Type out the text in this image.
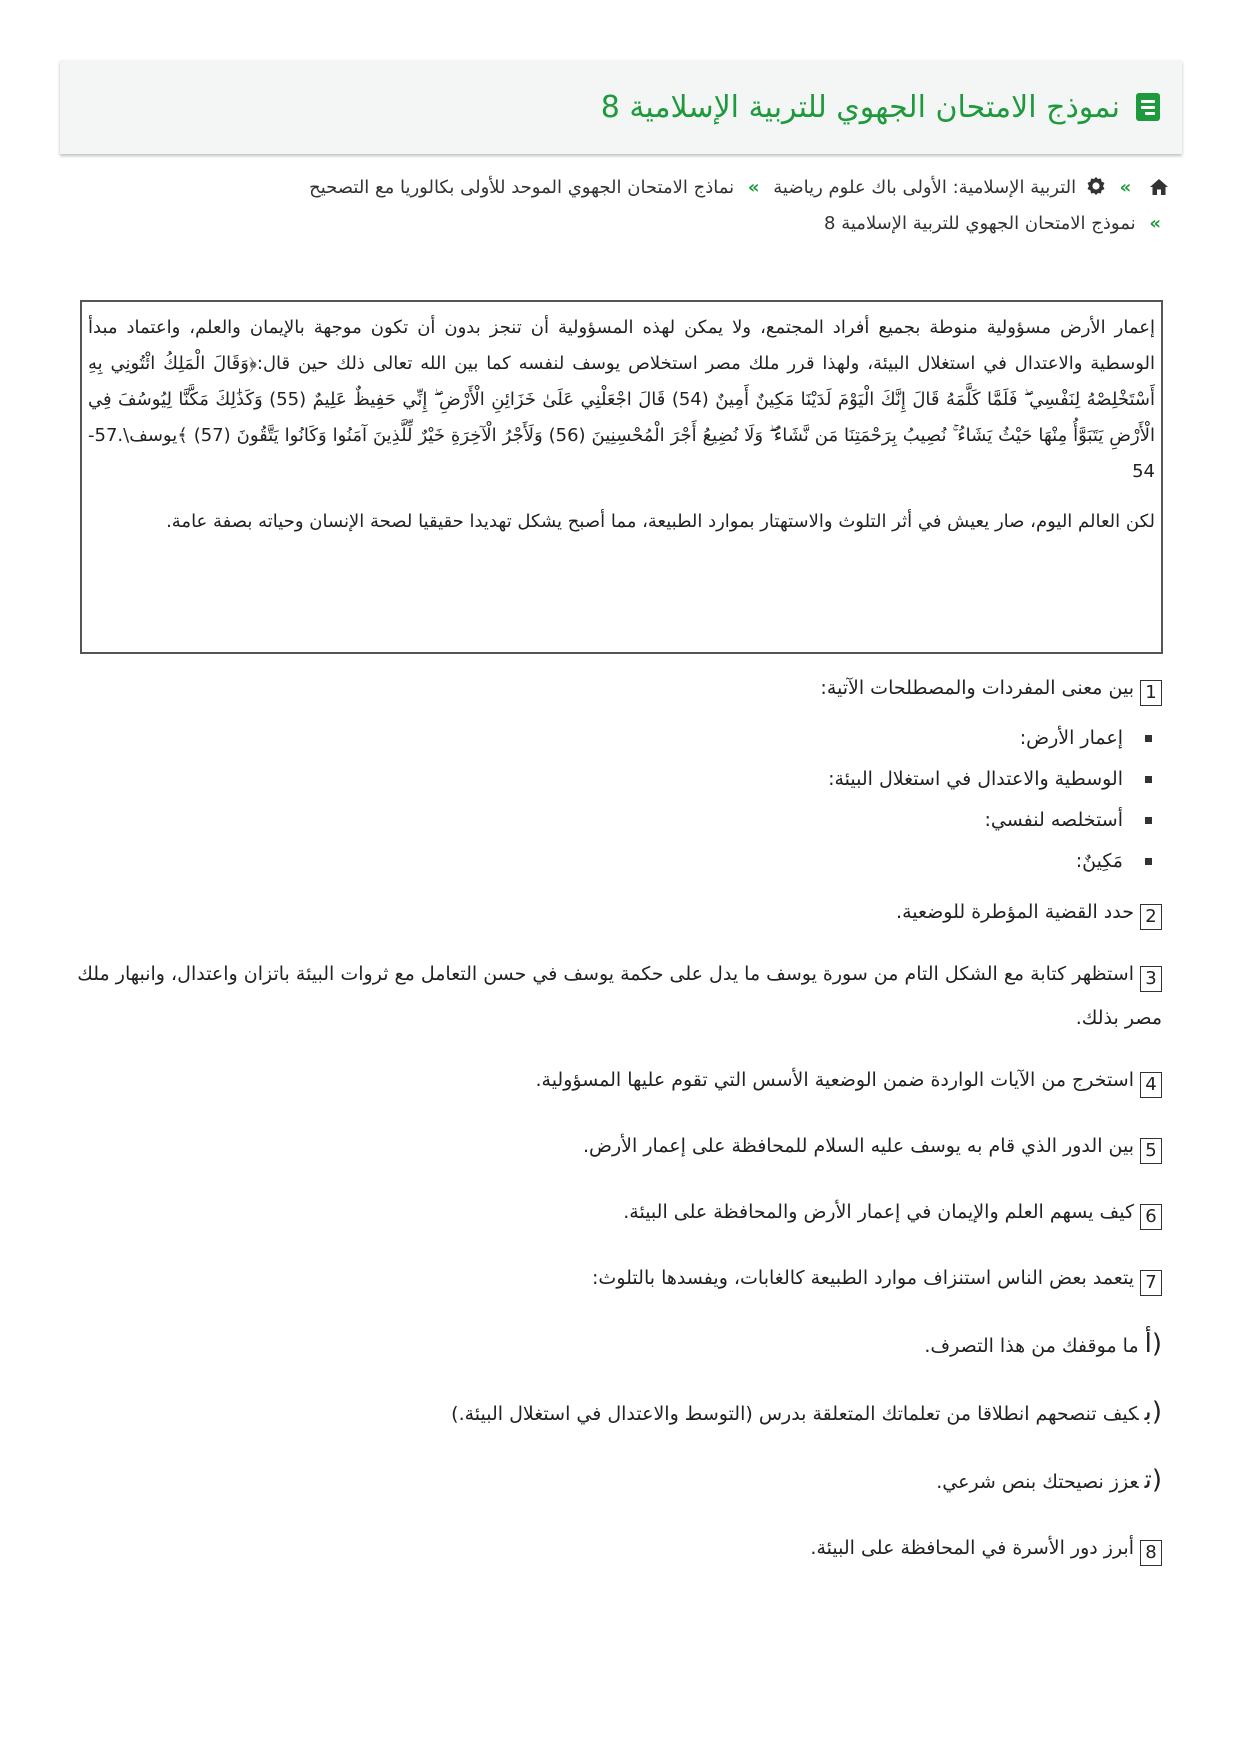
نموذج الامتحان الجهوي للتربية الإسلامية 8
»  التربية الإسلامية: الأولى باك علوم رياضية » نماذج الامتحان الجهوي الموحد للأولى بكالوريا مع التصحيح
» نموذج الامتحان الجهوي للتربية الإسلامية 8

إعمار الأرض مسؤولية منوطة بجميع أفراد المجتمع، ولا يمكن لهذه المسؤولية أن تنجز بدون أن تكون موجهة بالإيمان والعلم، واعتماد مبدأ الوسطية والاعتدال في استغلال البيئة، ولهذا قرر ملك مصر استخلاص يوسف لنفسه كما بين الله تعالى ذلك حين قال:﴿وَقَالَ الْمَلِكُ ائْتُونِي بِهِ أَسْتَخْلِصْهُ لِنَفْسِي ۖ فَلَمَّا كَلَّمَهُ قَالَ إِنَّكَ الْيَوْمَ لَدَيْنَا مَكِينٌ أَمِينٌ (54) قَالَ اجْعَلْنِي عَلَىٰ خَزَائِنِ الْأَرْضِ ۖ إِنِّي حَفِيظٌ عَلِيمٌ (55) وَكَذَٰلِكَ مَكَّنَّا لِيُوسُفَ فِي الْأَرْضِ يَتَبَوَّأُ مِنْهَا حَيْثُ يَشَاءُ ۚ نُصِيبُ بِرَحْمَتِنَا مَن نَّشَاءُ ۖ وَلَا نُضِيعُ أَجْرَ الْمُحْسِنِينَ (56) وَلَأَجْرُ الْآخِرَةِ خَيْرٌ لِّلَّذِينَ آمَنُوا وَكَانُوا يَتَّقُونَ (57) ﴾يوسف\.57-54

لكن العالم اليوم، صار يعيش في أثر التلوث والاستهتار بموارد الطبيعة، مما أصبح يشكل تهديدا حقيقيا لصحة الإنسان وحياته بصفة عامة.

1بين معنى المفردات والمصطلحات الآتية:

إعمار الأرض:
الوسطية والاعتدال في استغلال البيئة:
أستخلصه لنفسي:
مَكِينٌ:

2حدد القضية المؤطرة للوضعية.

3استظهر كتابة مع الشكل التام من سورة يوسف ما يدل على حكمة يوسف في حسن التعامل مع ثروات البيئة باتزان واعتدال، وانبهار ملك مصر بذلك.

4استخرج من الآيات الواردة ضمن الوضعية الأسس التي تقوم عليها المسؤولية.

5بين الدور الذي قام به يوسف عليه السلام للمحافظة على إعمار الأرض.

6كيف يسهم العلم والإيمان في إعمار الأرض والمحافظة على البيئة.

7يتعمد بعض الناس استنزاف موارد الطبيعة كالغابات، ويفسدها بالتلوث:

(أما موقفك من هذا التصرف.

(بكيف تنصحهم انطلاقا من تعلماتك المتعلقة بدرس (التوسط والاعتدال في استغلال البيئة.)

(تعزز نصيحتك بنص شرعي.

8أبرز دور الأسرة في المحافظة على البيئة.
